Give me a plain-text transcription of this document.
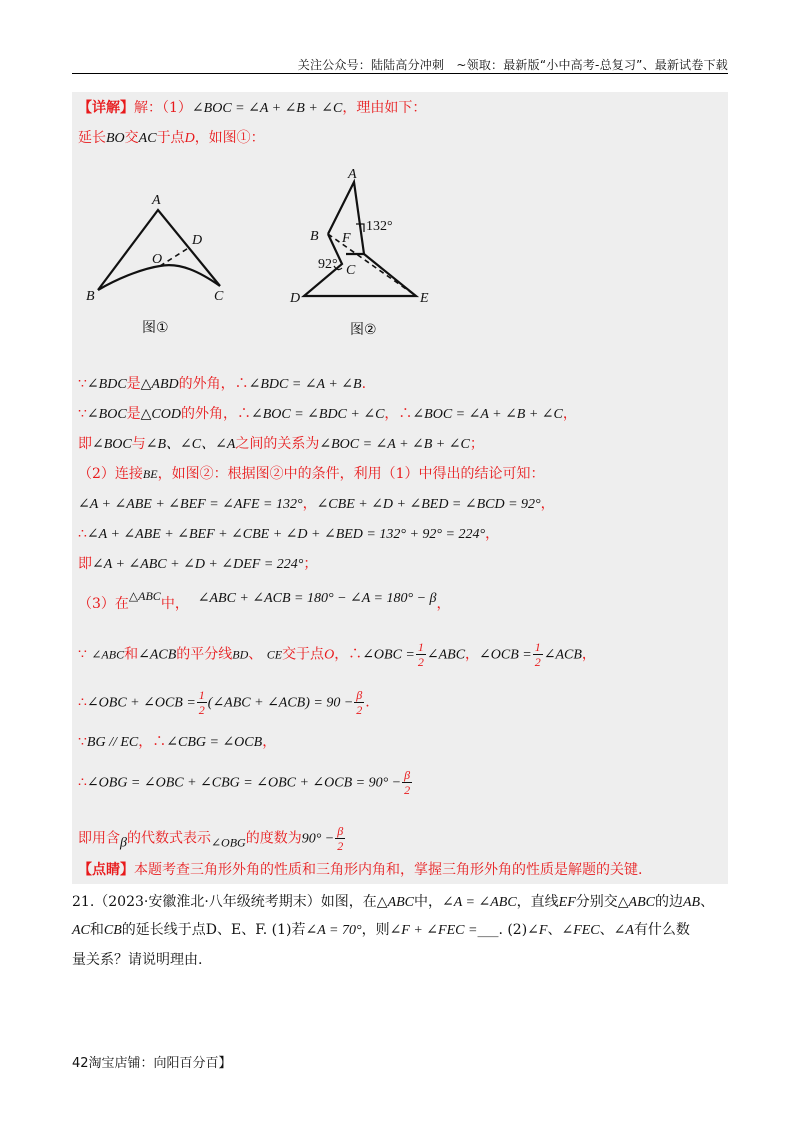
关注公众号：陆陆高分冲刺　~领取：最新版“小中高考-总复习”、最新试卷下载
【详解】解：（1）∠BOC = ∠A + ∠B + ∠C，理由如下：
延长BO交AC于点D，如图①：
A
D
O
B	C
图①
A
B F
132°
92° C
D	E
图②
∵∠BDC是△ABD的外角，∴∠BDC = ∠A + ∠B.
∵∠BOC是△COD的外角，∴∠BOC = ∠BDC + ∠C，∴∠BOC = ∠A + ∠B + ∠C，
即∠BOC与∠B、∠C、∠A之间的关系为∠BOC = ∠A + ∠B + ∠C；
（2）连接BE，如图②：根据图②中的条件，利用（1）中得出的结论可知：
∠A + ∠ABE + ∠BEF = ∠AFE = 132°，∠CBE + ∠D + ∠BED = ∠BCD = 92°，
∴∠A + ∠ABE + ∠BEF + ∠CBE + ∠D + ∠BED = 132° + 92° = 224°，
即∠A + ∠ABC + ∠D + ∠DEF = 224°；
（3）在△ABC中， ∠ABC + ∠ACB = 180° − ∠A = 180° − β，
∵ ∠ABC和∠ACB的平分线BD、 CE交于点O，∴∠OBC = $\frac{1}{2}$ ∠ABC，∠OCB = $\frac{1}{2}$ ∠ACB，
∴∠OBC + ∠OCB = $\frac{1}{2}$ (∠ABC + ∠ACB) = $90 - \frac{\beta}{2}$ .
∵BG // EC，∴∠CBG = ∠OCB，
∴∠OBG = ∠OBC + ∠CBG = ∠OBC + ∠OCB = $90^\circ - \frac{\beta}{2}$
即用含β的代数式表示∠OBG的度数为$90^\circ - \frac{\beta}{2}$
【点睛】本题考查三角形外角的性质和三角形内角和，掌握三角形外角的性质是解题的关键.
21.（2023·安徽淮北·八年级统考期末）如图，在△ABC中，∠A = ∠ABC，直线EF分别交△ABC的边AB、
AC和CB的延长线于点D、E、F. (1)若∠A = 70°，则∠F + ∠FEC =___. (2)∠F、∠FEC、∠A有什么数
量关系？请说明理由.
42淘宝店铺：向阳百分百】
